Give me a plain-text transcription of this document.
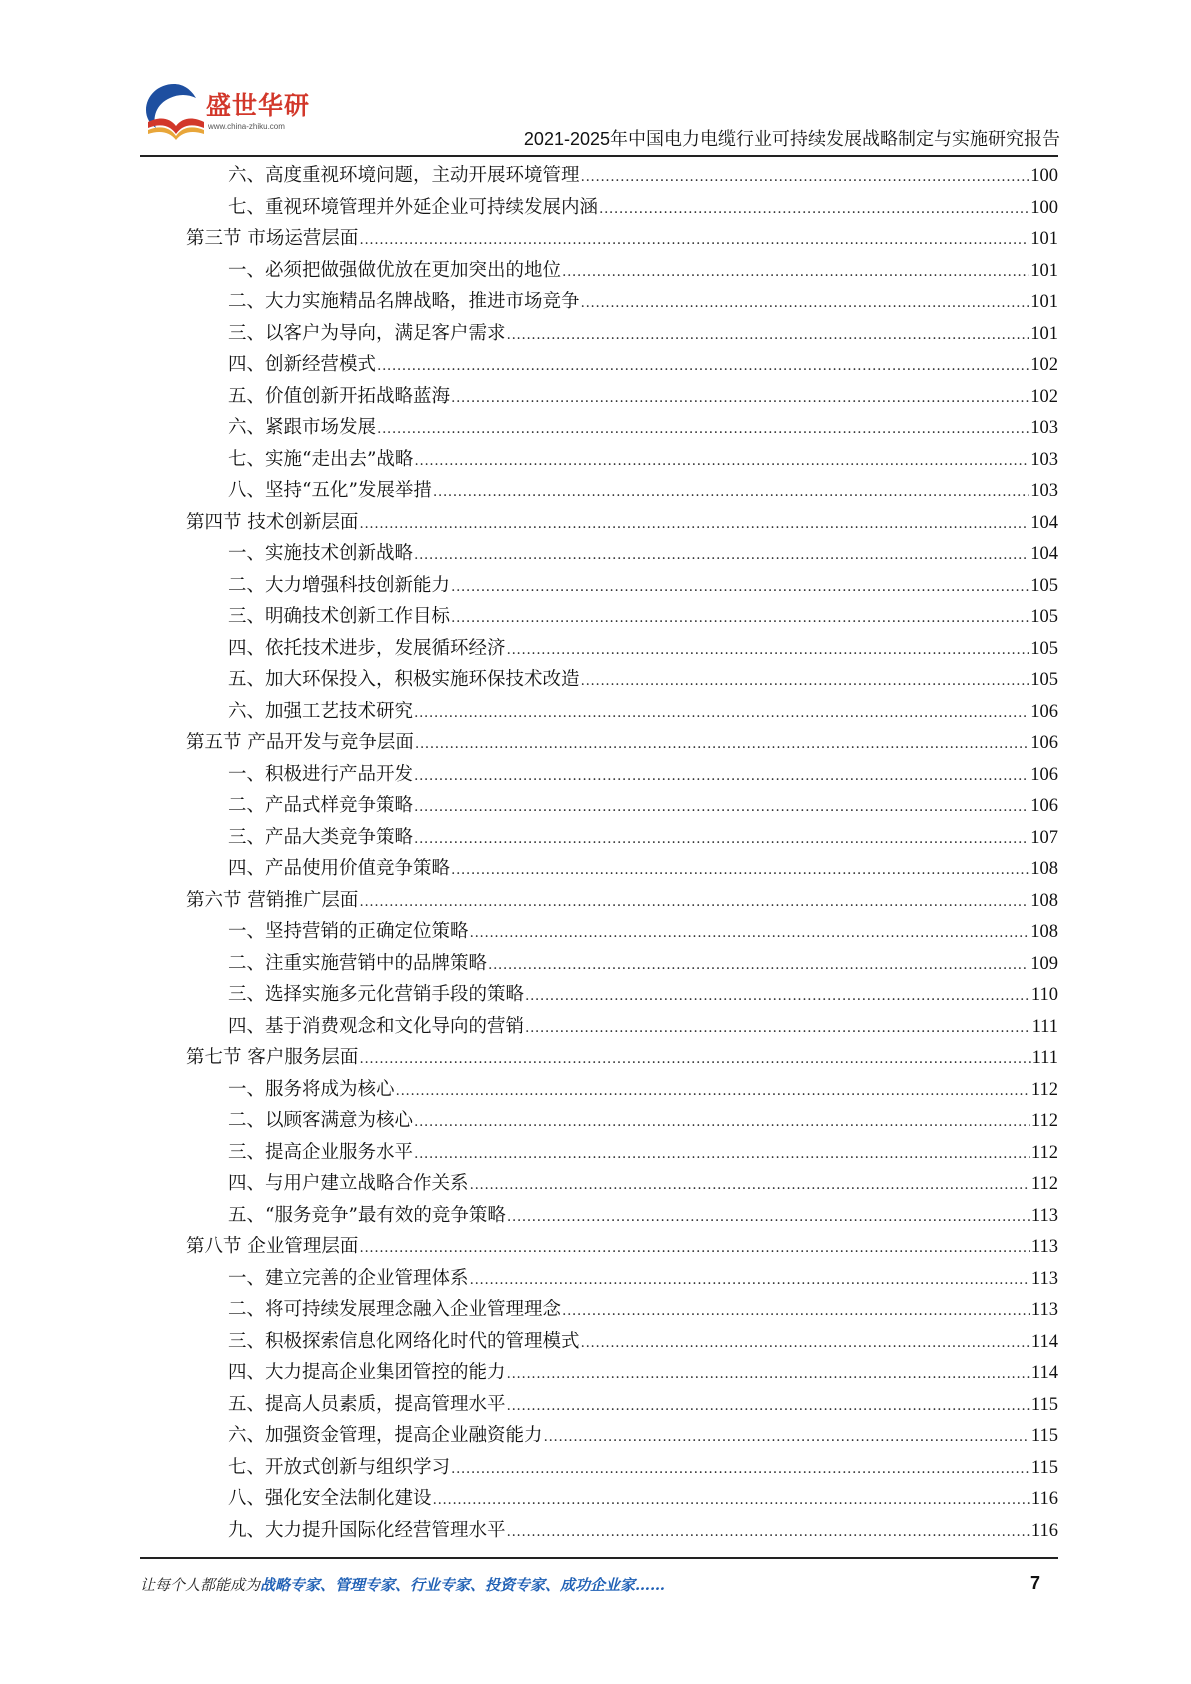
盛世华研
www.china-zhiku.com
2021-2025年中国电力电缆行业可持续发展战略制定与实施研究报告
六、高度重视环境问题，主动开展环境管理 .....	100
七、重视环境管理并外延企业可持续发展内涵 .....	100
第三节 市场运营层面 .....	101
一、必须把做强做优放在更加突出的地位 .....	101
二、大力实施精品名牌战略，推进市场竞争 .....	101
三、以客户为导向，满足客户需求 .....	101
四、创新经营模式 .....	102
五、价值创新开拓战略蓝海 .....	102
六、紧跟市场发展 .....	103
七、实施“走出去”战略 .....	103
八、坚持“五化”发展举措 .....	103
第四节 技术创新层面 .....	104
一、实施技术创新战略 .....	104
二、大力增强科技创新能力 .....	105
三、明确技术创新工作目标 .....	105
四、依托技术进步，发展循环经济 .....	105
五、加大环保投入，积极实施环保技术改造 .....	105
六、加强工艺技术研究 .....	106
第五节 产品开发与竞争层面 .....	106
一、积极进行产品开发 .....	106
二、产品式样竞争策略 .....	106
三、产品大类竞争策略 .....	107
四、产品使用价值竞争策略 .....	108
第六节 营销推广层面 .....	108
一、坚持营销的正确定位策略 .....	108
二、注重实施营销中的品牌策略 .....	109
三、选择实施多元化营销手段的策略 .....	110
四、基于消费观念和文化导向的营销 .....	111
第七节 客户服务层面 .....	111
一、服务将成为核心 .....	112
二、以顾客满意为核心 .....	112
三、提高企业服务水平 .....	112
四、与用户建立战略合作关系 .....	112
五、“服务竞争”最有效的竞争策略 .....	113
第八节 企业管理层面 .....	113
一、建立完善的企业管理体系 .....	113
二、将可持续发展理念融入企业管理理念 .....	113
三、积极探索信息化网络化时代的管理模式 .....	114
四、大力提高企业集团管控的能力 .....	114
五、提高人员素质，提高管理水平 .....	115
六、加强资金管理，提高企业融资能力 .....	115
七、开放式创新与组织学习 .....	115
八、强化安全法制化建设 .....	116
九、大力提升国际化经营管理水平 .....	116
让每个人都能成为战略专家、管理专家、行业专家、投资专家、成功企业家……	7
